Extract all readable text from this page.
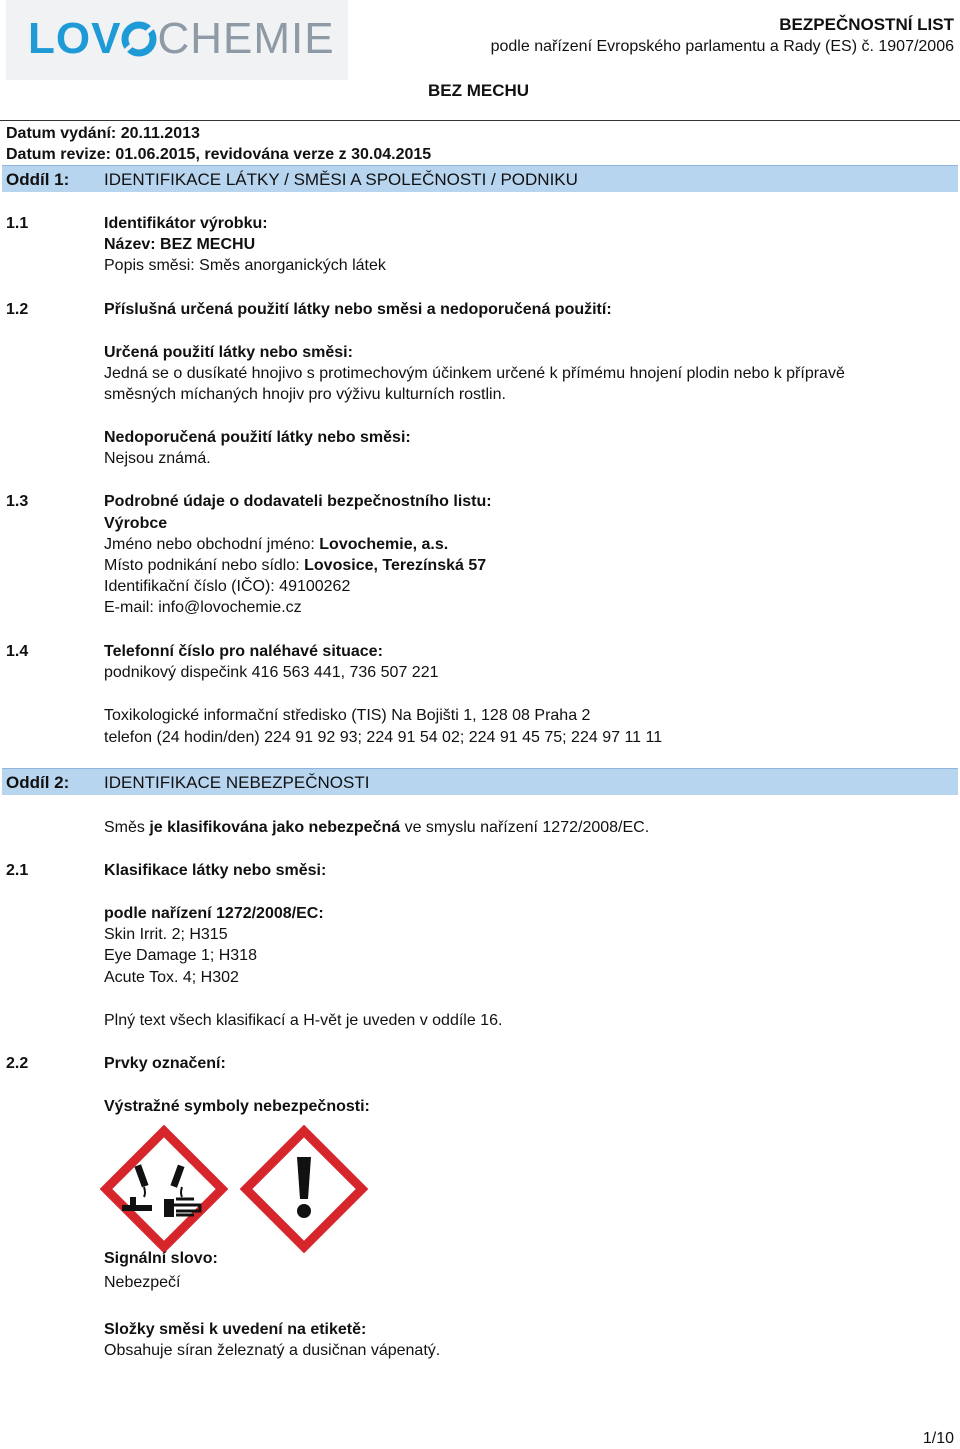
LOV CHEMIE	BEZPEČNOSTNÍ LIST
podle nařízení Evropského parlamentu a Rady (ES) č. 1907/2006
BEZ MECHU
Datum vydání: 20.11.2013
Datum revize: 01.06.2015, revidována verze z 30.04.2015
Oddíl 1: IDENTIFIKACE LÁTKY / SMĚSI A SPOLEČNOSTI / PODNIKU
1.1	Identifikátor výrobku:
Název: BEZ MECHU
Popis směsi: Směs anorganických látek
1.2	Příslušná určená použití látky nebo směsi a nedoporučená použití:
Určená použití látky nebo směsi:
Jedná se o dusíkaté hnojivo s protimechovým účinkem určené k přímému hnojení plodin nebo k přípravě
směsných míchaných hnojiv pro výživu kulturních rostlin.
Nedoporučená použití látky nebo směsi:
Nejsou známá.
1.3	Podrobné údaje o dodavateli bezpečnostního listu:
Výrobce
Jméno nebo obchodní jméno: Lovochemie, a.s.
Místo podnikání nebo sídlo: Lovosice, Terezínská 57
Identifikační číslo (IČO): 49100262
E-mail: info@lovochemie.cz
1.4	Telefonní číslo pro naléhavé situace:
podnikový dispečink 416 563 441, 736 507 221
Toxikologické informační středisko (TIS) Na Bojišti 1, 128 08 Praha 2
telefon (24 hodin/den) 224 91 92 93; 224 91 54 02; 224 91 45 75; 224 97 11 11
Oddíl 2: IDENTIFIKACE NEBEZPEČNOSTI
Směs je klasifikována jako nebezpečná ve smyslu nařízení 1272/2008/EC.
2.1	Klasifikace látky nebo směsi:
podle nařízení 1272/2008/EC:
Skin Irrit. 2; H315
Eye Damage 1; H318
Acute Tox. 4; H302
Plný text všech klasifikací a H-vět je uveden v oddíle 16.
2.2	Prvky označení:
Výstražné symboly nebezpečnosti:
Signální slovo:
Nebezpečí
Složky směsi k uvedení na etiketě:
Obsahuje síran železnatý a dusičnan vápenatý.
1/10
